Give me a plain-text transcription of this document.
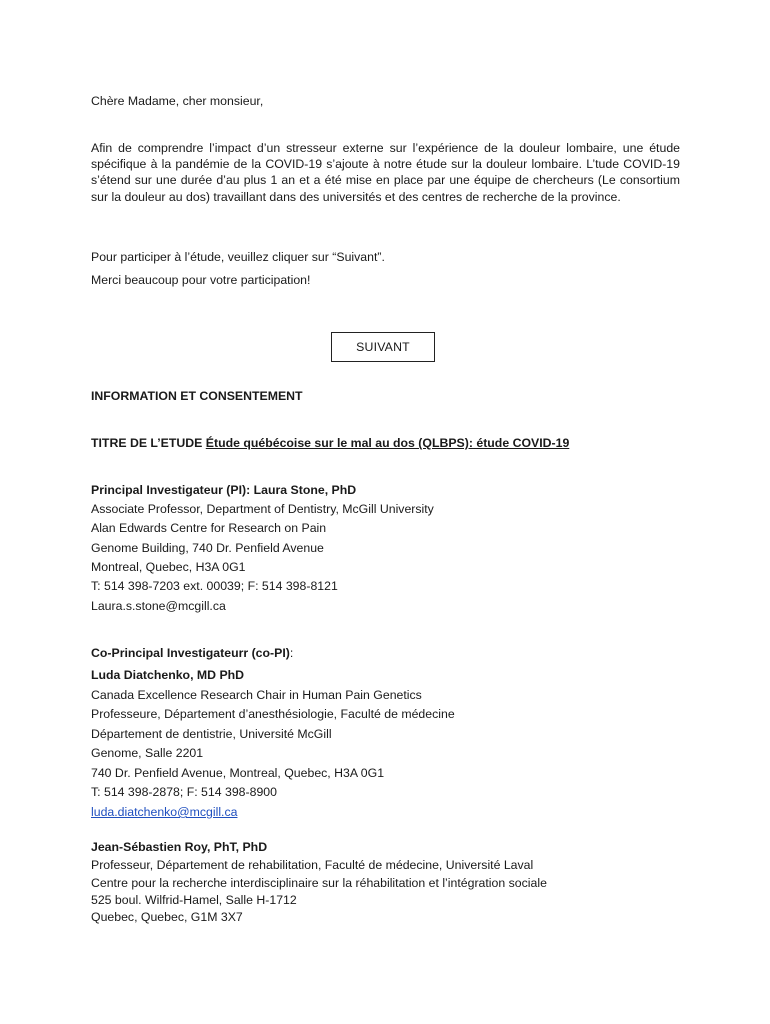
Chère Madame, cher monsieur,
Afin de comprendre l’impact d’un stresseur externe sur l’expérience de la douleur lombaire, une étude spécifique à la pandémie de la COVID-19 s’ajoute à notre étude sur la douleur lombaire. L’tude COVID-19 s’étend sur une durée d’au plus 1 an et a été mise en place par une équipe de chercheurs (Le consortium sur la douleur au dos) travaillant dans des universités et des centres de recherche de la province.
Pour participer à l’étude, veuillez cliquer sur “Suivant”.
Merci beaucoup pour votre participation!
SUIVANT
INFORMATION ET CONSENTEMENT
TITRE DE L’ETUDE Étude québécoise sur le mal au dos (QLBPS): étude COVID-19
Principal Investigateur (PI): Laura Stone, PhD
Associate Professor, Department of Dentistry, McGill University
Alan Edwards Centre for Research on Pain
Genome Building, 740 Dr. Penfield Avenue
Montreal, Quebec, H3A 0G1
T: 514 398-7203 ext. 00039; F: 514 398-8121
Laura.s.stone@mcgill.ca
Co-Principal Investigateurr (co-PI):
Luda Diatchenko, MD PhD
Canada Excellence Research Chair in Human Pain Genetics
Professeure, Département d’anesthésiologie, Faculté de médecine
Département de dentistrie, Université McGill
Genome, Salle 2201
740 Dr. Penfield Avenue, Montreal, Quebec, H3A 0G1
T: 514 398-2878; F: 514 398-8900
luda.diatchenko@mcgill.ca
Jean-Sébastien Roy, PhT, PhD
Professeur, Département de rehabilitation, Faculté de médecine, Université Laval
Centre pour la recherche interdisciplinaire sur la réhabilitation et l’intégration sociale
525 boul. Wilfrid-Hamel, Salle H-1712
Quebec, Quebec, G1M 3X7
